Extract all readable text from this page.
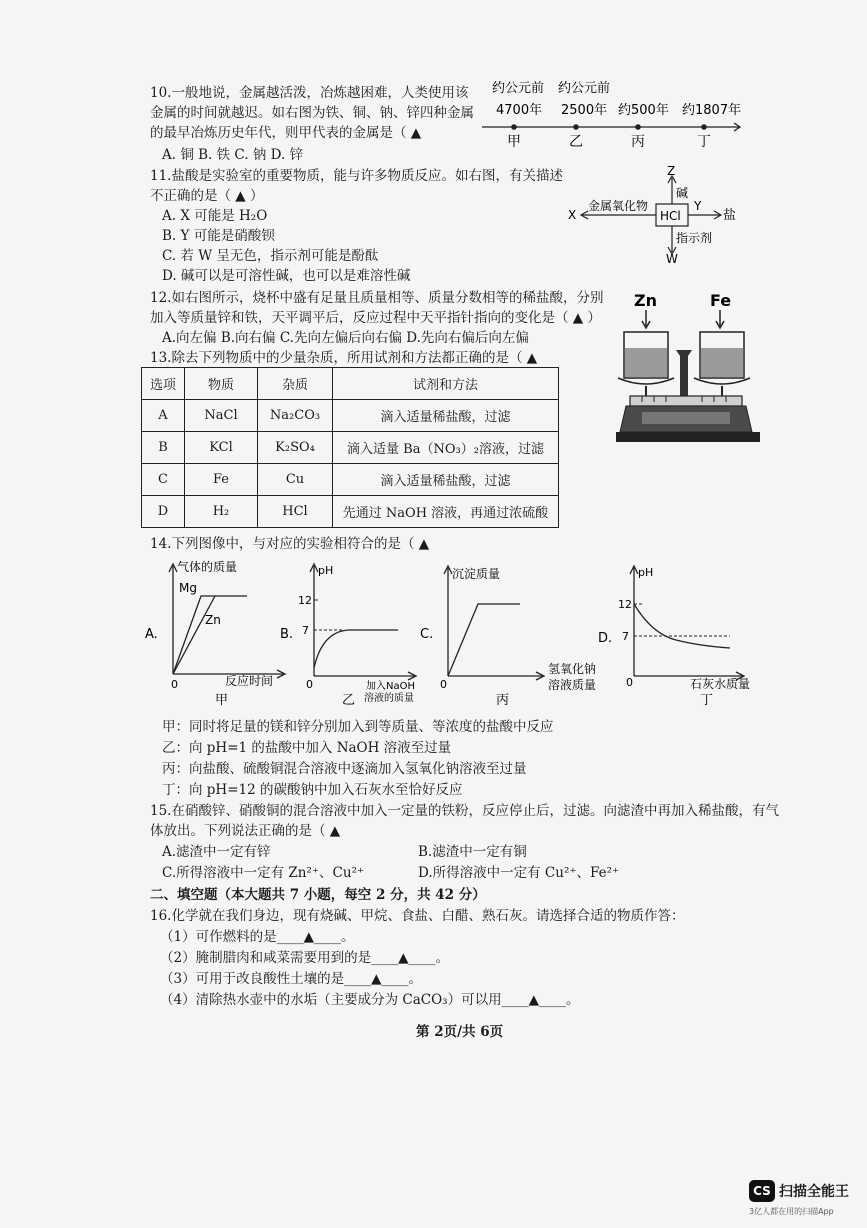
10.一般地说，金属越活泼，冶炼越困难，人类使用该
金属的时间就越迟。如右图为铁、铜、钠、锌四种金属
的最早冶炼历史年代，则甲代表的金属是（ ▲
A. 铜 B. 铁 C. 钠 D. 锌
约公元前 约公元前
4700年 2500年 约500年 约1807年
甲	乙	丙	丁
11.盐酸是实验室的重要物质，能与许多物质反应。如右图，有关描述
不正确的是（ ▲ ）
A. X 可能是 H₂O
B. Y 可能是硝酸钡
C. 若 W 呈无色，指示剂可能是酚酞
D. 碱可以是可溶性碱，也可以是难溶性碱
HCl
Z
碱
X
金属氧化物	Y
盐
指示剂
W
12.如右图所示，烧杯中盛有足量且质量相等、质量分数相等的稀盐酸，分别
加入等质量锌和铁，天平调平后，反应过程中天平指针指向的变化是（ ▲ ）
A.向左偏 B.向右偏 C.先向左偏后向右偏 D.先向右偏后向左偏
Zn	Fe
13.除去下列物质中的少量杂质，所用试剂和方法都正确的是（ ▲
选项	物质	杂质	试剂和方法
A	NaCl	Na₂CO₃	滴入适量稀盐酸，过滤
B	KCl	K₂SO₄	滴入适量 Ba（NO₃）₂溶液，过滤
C	Fe	Cu	滴入适量稀盐酸，过滤
D	H₂	HCl	先通过 NaOH 溶液，再通过浓硫酸
14.下列图像中，与对应的实验相符合的是（ ▲
A.
气体的质量
Mg
Zn
0	反应时间
甲
B.
pH
12
7
0	加入NaOH
溶液的质量
乙
C.
沉淀质量
0
氢氧化钠
溶液质量
丙
D.
pH
12
7
0	石灰水质量
丁
甲：同时将足量的镁和锌分别加入到等质量、等浓度的盐酸中反应
乙：向 pH=1 的盐酸中加入 NaOH 溶液至过量
丙：向盐酸、硫酸铜混合溶液中逐滴加入氢氧化钠溶液至过量
丁：向 pH=12 的碳酸钠中加入石灰水至恰好反应
15.在硝酸锌、硝酸铜的混合溶液中加入一定量的铁粉，反应停止后，过滤。向滤渣中再加入稀盐酸，有气
体放出。下列说法正确的是（ ▲
A.滤渣中一定有锌	B.滤渣中一定有铜
C.所得溶液中一定有 Zn²⁺、Cu²⁺	D.所得溶液中一定有 Cu²⁺、Fe²⁺
二、填空题（本大题共 7 小题，每空 2 分，共 42 分）
16.化学就在我们身边，现有烧碱、甲烷、食盐、白醋、熟石灰。请选择合适的物质作答：
（1）可作燃料的是____▲____。
（2）腌制腊肉和咸菜需要用到的是____▲____。
（3）可用于改良酸性土壤的是____▲____。
（4）清除热水壶中的水垢（主要成分为 CaCO₃）可以用____▲____。
第 2页/共 6页
CS 扫描全能王
3亿人都在用的扫描App
